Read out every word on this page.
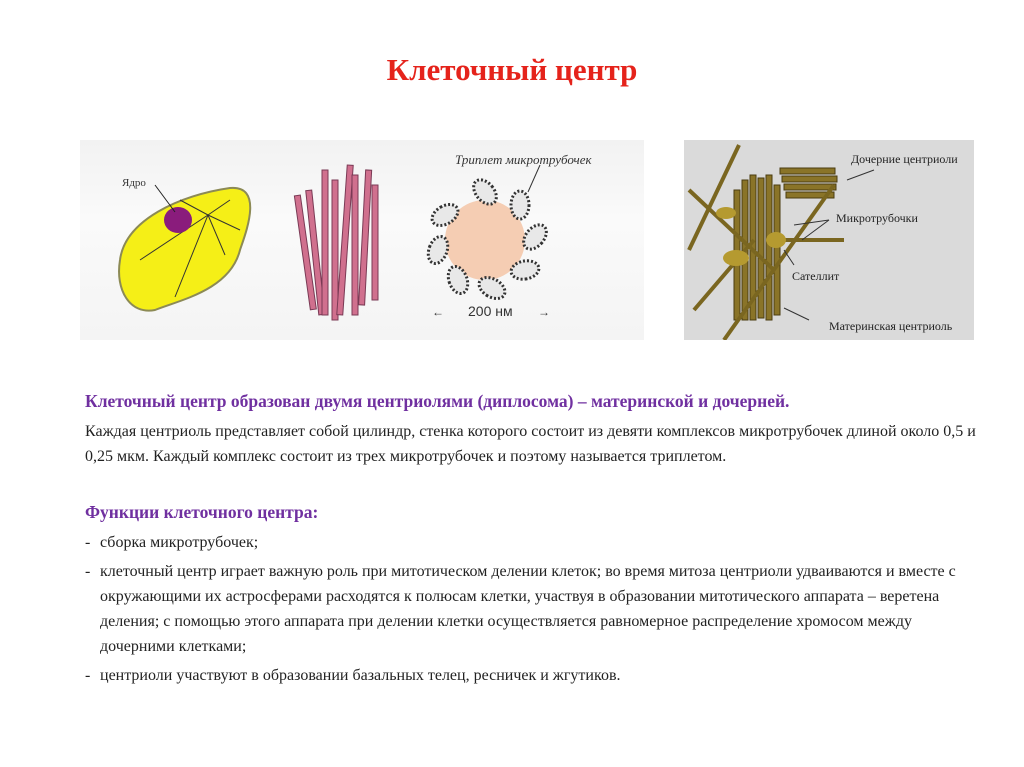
Клеточный центр
Ядро
Триплет микротрубочек
← 200 нм →
Дочерние центриоли
Микротрубочки
Сателлит
Материнская центриоль

Клеточный центр образован двумя центриолями (диплосома) – материнской и дочерней.

Каждая центриоль представляет собой цилиндр, стенка которого состоит из девяти комплексов микротрубочек длиной около 0,5 и 0,25 мкм. Каждый комплекс состоит из трех микротрубочек и поэтому называется триплетом.

Функции клеточного центра:

- сборка микротрубочек;
- клеточный центр играет важную роль при митотическом делении клеток; во время митоза центриоли удваиваются и вместе с окружающими их астросферами расходятся к полюсам клетки, участвуя в образовании митотического аппарата – веретена деления; с помощью этого аппарата при делении клетки осуществляется равномерное распределение хромосом между дочерними клетками;
- центриоли участвуют в образовании базальных телец, ресничек и жгутиков.
